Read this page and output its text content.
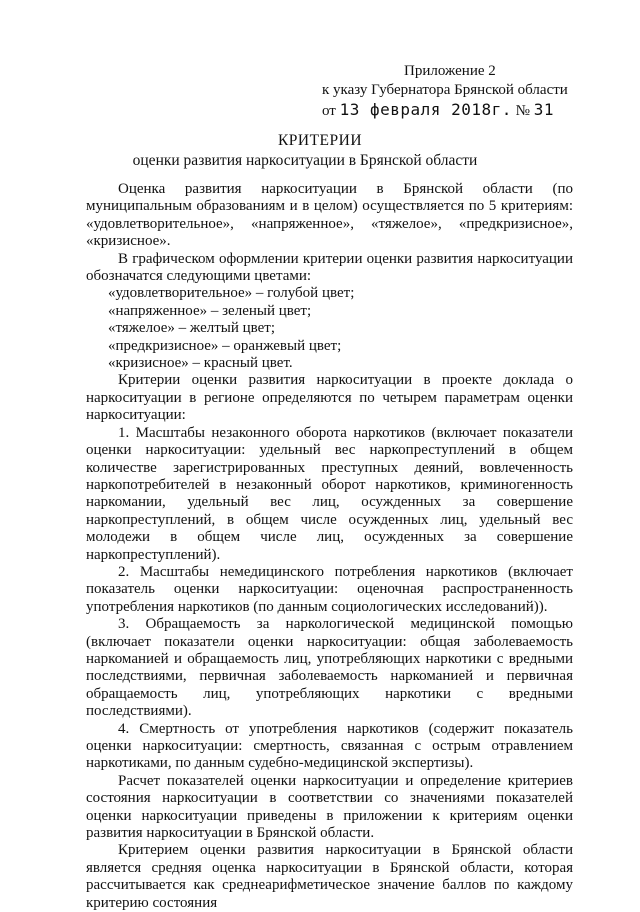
Приложение 2
к указу Губернатора Брянской области
от 13 февраля 2018г. № 31
КРИТЕРИИ
оценки развития наркоситуации в Брянской области

Оценка развития наркоситуации в Брянской области (по муниципальным образованиям и в целом) осуществляется по 5 критериям: «удовлетворительное», «напряженное», «тяжелое», «предкризисное», «кризисное».

В графическом оформлении критерии оценки развития наркоситуации обозначатся следующими цветами:

«удовлетворительное» – голубой цвет;

«напряженное» – зеленый цвет;

«тяжелое» – желтый цвет;

«предкризисное» – оранжевый цвет;

«кризисное» – красный цвет.

Критерии оценки развития наркоситуации в проекте доклада о наркоситуации в регионе определяются по четырем параметрам оценки наркоситуации:

1. Масштабы незаконного оборота наркотиков (включает показатели оценки наркоситуации: удельный вес наркопреступлений в общем количестве зарегистрированных преступных деяний, вовлеченность наркопотребителей в незаконный оборот наркотиков, криминогенность наркомании, удельный вес лиц, осужденных за совершение наркопреступлений, в общем числе осужденных лиц, удельный вес молодежи в общем числе лиц, осужденных за совершение наркопреступлений).

2. Масштабы немедицинского потребления наркотиков (включает показатель оценки наркоситуации: оценочная распространенность употребления наркотиков (по данным социологических исследований)).

3. Обращаемость за наркологической медицинской помощью (включает показатели оценки наркоситуации: общая заболеваемость наркоманией и обращаемость лиц, употребляющих наркотики с вредными последствиями, первичная заболеваемость наркоманией и первичная обращаемость лиц, употребляющих наркотики с вредными последствиями).

4. Смертность от употребления наркотиков (содержит показатель оценки наркоситуации: смертность, связанная с острым отравлением наркотиками, по данным судебно-медицинской экспертизы).

Расчет показателей оценки наркоситуации и определение критериев состояния наркоситуации в соответствии со значениями показателей оценки наркоситуации приведены в приложении к критериям оценки развития наркоситуации в Брянской области.

Критерием оценки развития наркоситуации в Брянской области является средняя оценка наркоситуации в Брянской области, которая рассчитывается как среднеарифметическое значение баллов по каждому критерию состояния
